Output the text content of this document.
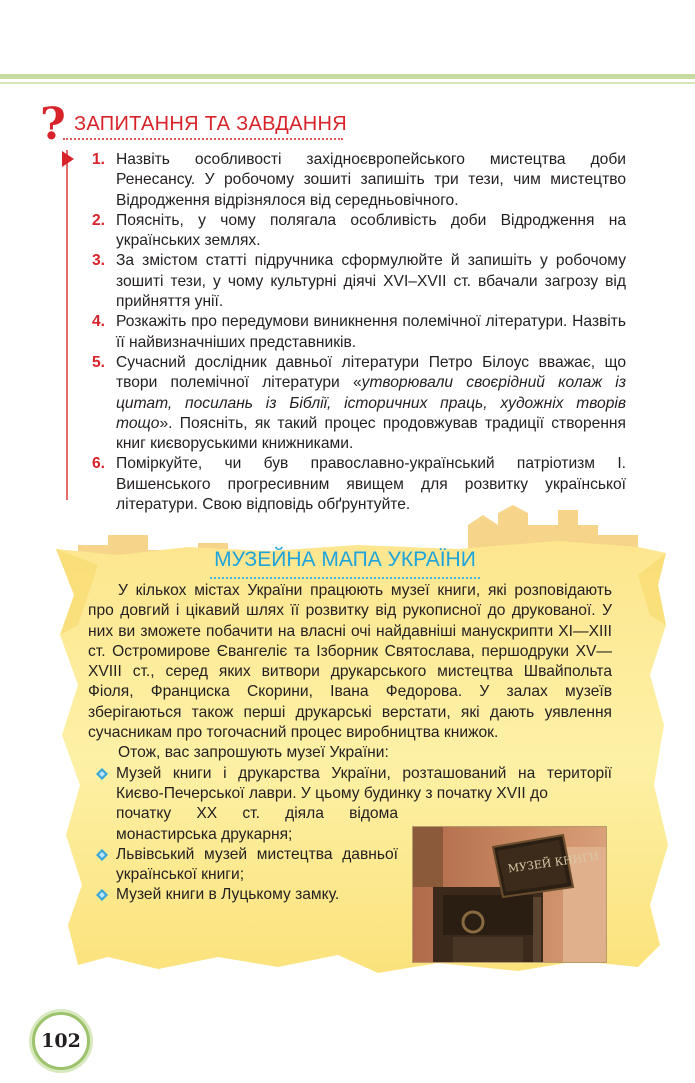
? ЗАПИТАННЯ ТА ЗАВДАННЯ
1. Назвіть особливості західноєвропейського мистецтва доби Ренесансу. У робочому зошиті запишіть три тези, чим мистецтво Відродження відрізнялося від середньовічного.
2. Поясніть, у чому полягала особливість доби Відродження на українських землях.
3. За змістом статті підручника сформулюйте й запишіть у робочому зошиті тези, у чому культурні діячі XVI–XVII ст. вбачали загрозу від прийняття унії.
4. Розкажіть про передумови виникнення полемічної літератури. Назвіть її найвизначніших представників.
5. Сучасний дослідник давньої літератури Петро Білоус вважає, що твори полемічної літератури «утворювали своєрідний колаж із цитат, посилань із Біблії, історичних праць, художніх творів тощо». Поясніть, як такий процес продовжував традиції створення книг києворуськими книжниками.
6. Поміркуйте, чи був православно-український патріотизм І. Вишенського прогресивним явищем для розвитку української літератури. Свою відповідь обґрунтуйте.
МУЗЕЙНА МАПА УКРАЇНИ

У кількох містах України працюють музеї книги, які розповідають про довгий і цікавий шлях її розвитку від рукописної до друкованої. У них ви зможете побачити на власні очі найдавніші манускрипти XI—XIII ст. Остромирове Євангеліє та Ізборник Святослава, першодруки XV—XVIII ст., серед яких витвори друкарського мистецтва Швайпольта Фіоля, Франциска Скорини, Івана Федорова. У залах музеїв зберігаються також перші друкарські верстати, які дають уявлення сучасникам про тогочасний процес виробництва книжок.

Отож, вас запрошують музеї України:

Музей книги і друкарства України, розташований на території Києво-Печерської лаври. У цьому будинку з початку XVII до
початку XX ст. діяла відома монастирська друкарня;
Львівський музей мистецтва давньої української книги;
Музей книги в Луцькому замку.
МУЗЕЙ КНИГИ
102
